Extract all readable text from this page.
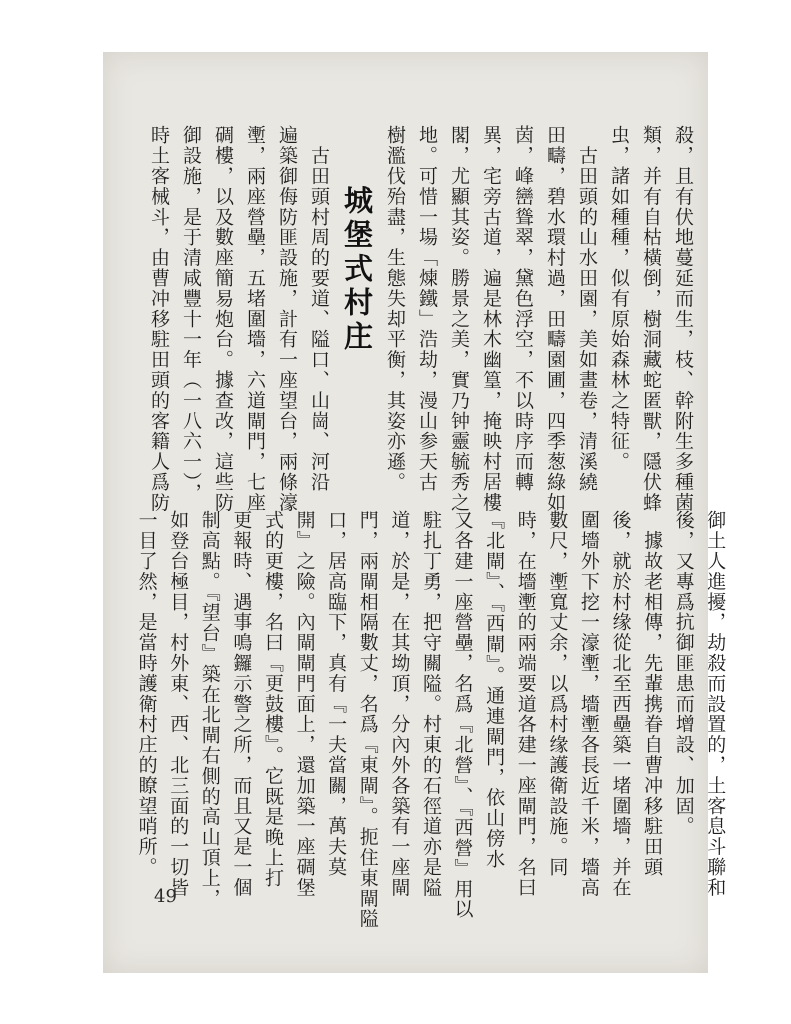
殺，且有伏地蔓延而生，枝、幹附生多種菌
類，并有自枯橫倒，樹洞藏蛇匿獸，隱伏蜂
虫，諸如種種，似有原始森林之特征。
　古田頭的山水田園，美如畫卷，清溪繞
田疇，碧水環村過，田疇園圃，四季葱綠如
茵，峰巒聳翠，黛色浮空，不以時序而轉
異，宅旁古道，遍是林木幽篁，掩映村居樓
閣，尤顯其姿。勝景之美，實乃钟靈毓秀之
地。可惜一場「煉鐵」浩劫，漫山参天古
樹濫伐殆盡，生態失却平衡，其姿亦遜。
城堡式村庄
　古田頭村周的要道、隘口、山崗、河沿
遍築御侮防匪設施，計有一座望台，兩條濠
壍，兩座營壘，五堵圍墻，六道閘門，七座
碉樓，以及數座簡易炮台。據查改，這些防
御設施，是于清咸豐十一年（一八六一），
時土客械斗，由曹冲移駐田頭的客籍人爲防
御土人進擾，劫殺而設置的，土客息斗聯和
後，又專爲抗御匪患而增設、加固。
　據故老相傳，先輩携眷自曹冲移駐田頭
後，就於村缘從北至西壘築一堵圍墻，并在
圍墻外下挖一濠壍，墻壍各長近千米，墻高
數尺，壍寬丈余，以爲村缘護衛設施。同
時，在墻壍的兩端要道各建一座閘門，名曰
『北閘』、『西閘』。通連閘門，依山傍水
又各建一座營壘，名爲『北營』、『西營』用以
駐扎丁勇，把守關隘。村東的石徑道亦是隘
道，於是，在其坳頂，分內外各築有一座閘
門，兩閘相隔數丈，名爲『東閘』。扼住東閘隘
口，居高臨下，真有『一夫當關，萬夫莫
開』之險。內閘閘門面上，還加築一座碉堡
式的更樓，名曰『更鼓樓』。它既是晚上打
更報時、遇事鳴鑼示警之所，而且又是一個
制高點。『望台』築在北閘右側的高山頂上，
如登台極目，村外東、西、北三面的一切皆
一目了然，是當時護衛村庄的瞭望哨所。
49
